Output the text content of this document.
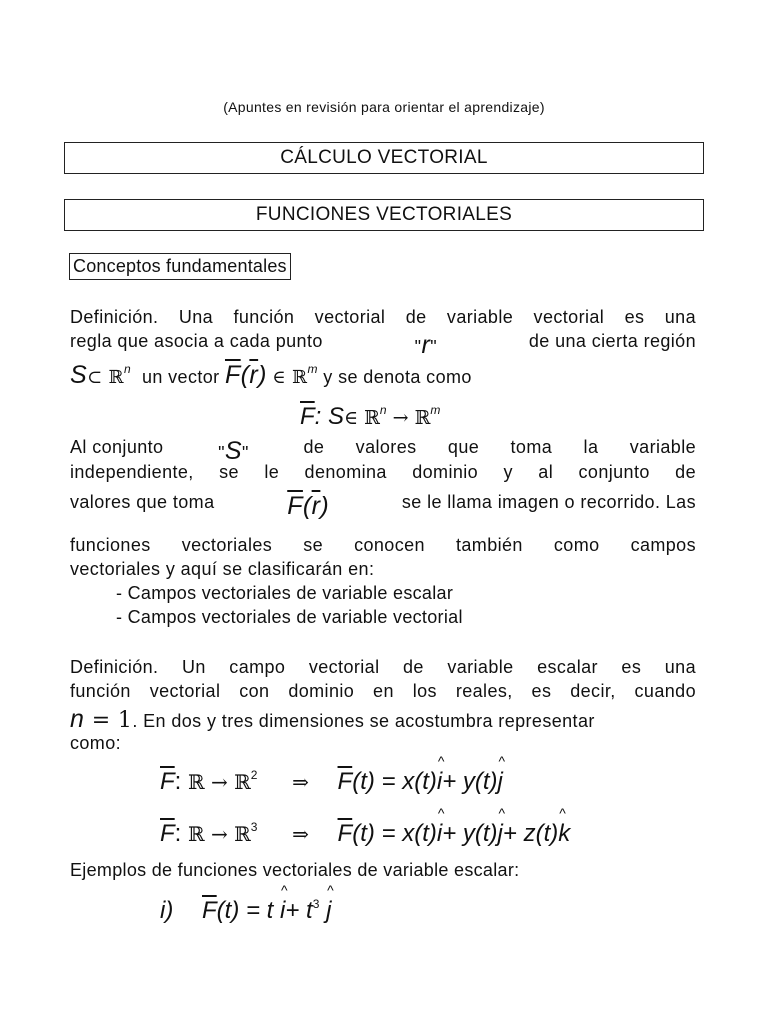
(Apuntes en revisión para orientar el aprendizaje)
CÁLCULO VECTORIAL
FUNCIONES VECTORIALES
Conceptos fundamentales
Definición. Una función vectorial de variable vectorial es una
regla que asocia a cada punto	"r"	de una cierta región
S⊂ ℝ$^n$ un vector $\overline{F}(\overline{r})$ ∈ ℝ$^m$ y se denota como
$\overline{F}$: S∈ ℝ$^n$ → ℝ$^m$
Al conjunto	"S"	de valores que toma la variable
independiente, se le denomina dominio y al conjunto de
valores que toma	$\overline{F}(\overline{r})$	se le llama imagen o recorrido. Las
funciones vectoriales se conocen también como campos
vectoriales y aquí se clasificarán en:
- Campos vectoriales de variable escalar
- Campos vectoriales de variable vectorial
Definición. Un campo vectorial de variable escalar es una
función vectorial con dominio en los reales, es decir, cuando
n = 1. En dos y tres dimensiones se acostumbra representar
como:
$\overline{F}$: ℝ → ℝ$^2$ ⇒ $\overline{F}(t)$ = x(t)^ i+ y(t)^ j
$\overline{F}$: ℝ → ℝ$^3$ ⇒ $\overline{F}(t)$ = x(t)^ i+ y(t)^ j+ z(t)^ k
Ejemplos de funciones vectoriales de variable escalar:
i) $\overline{F}(t) = t$ ^ $i+ t^3$ ^ j
